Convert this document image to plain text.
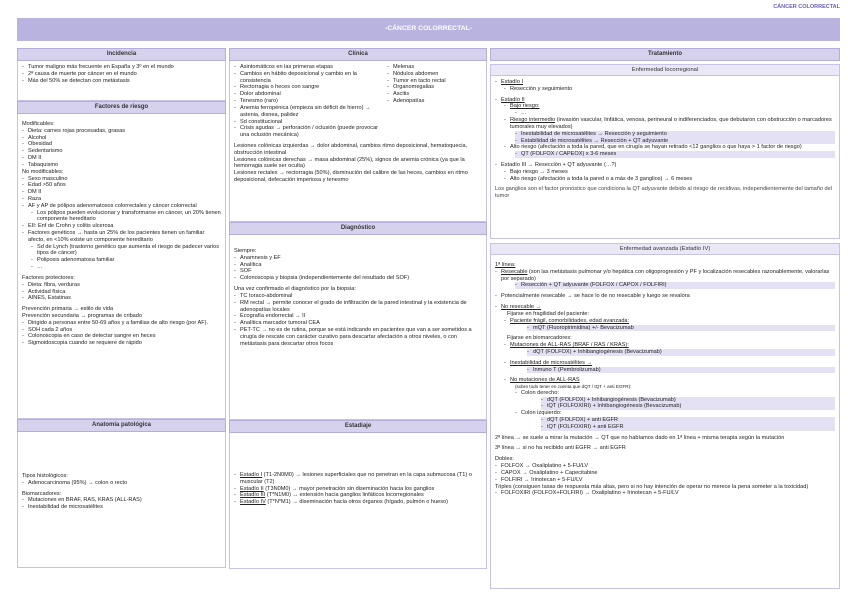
CÁNCER COLORRECTAL
-CÁNCER COLORRECTAL-
Incidencia
- Tumor maligno más frecuente en España y 3º en el mundo
- 2ª causa de muerte por cáncer en el mundo
- Más del 50% se detectan con metástasis
Factores de riesgo
Modificables:
- Dieta: carnes rojas procesadas, grasas
- Alcohol
- Obesidad
- Sedentarismo
- DM II
- Tabaquismo
No modificables:
- Sexo masculino
- Edad >50 años
- DM II
- Raza
- AF y AP de pólipos adenomatosos colorrectales y cáncer colorrectal
- Los pólipos pueden evolucionar y transformarse en cáncer, un 20% tienen componente hereditario
- EII: Enf de Crohn y colitis ulcerosa
- Factores genéticos → hasta un 25% de los pacientes tienen un familiar afecto, en <10% existe un componente hereditario
- Sd de Lynch (trastorno genético que aumenta el riesgo de padecer varios tipos de cáncer)
- Poliposis adenomatosa familiar
- …
Factores protectores:
- Dieta: fibra, verduras
- Actividad física
- AINES, Estatinas
Prevención primaria → estilo de vida
Prevención secundaria → programas de cribado
- Dirigido a personas entre 50-69 años y a familias de alto riesgo (por AF).
- SOH cada 2 años
- Colonoscopia en caso de detectar sangre en heces
- Sigmoidoscopia cuando se requiere de rápido
Anatomía patológica
Tipos histológicos:
- Adenocarcinoma (95%) → colon o recto
Biomarcadores:
- Mutaciones en BRAF, RAS, KRAS (ALL-RAS)
- Inestabilidad de microsatélites
Clínica
- Asintomáticos en las primeras etapas
- Cambios en hábito deposicional y cambio en la consistencia
- Rectorragia o heces con sangre
- Dolor abdominal
- Tenesmo (raro)
- Anemia ferropénica (empieza sin déficit de hierro) → astenia, disnea, palidez
- Sd constitucional
- Crisis agudas → perforación / oclusión (puede provocar una oclusión mecánica)
- Melenas
- Nódulos abdomen
- Tumor en tacto rectal
- Organomegalias
- Ascitis
- Adenopatías
Lesiones colónicas izquierdas → dolor abdominal, cambios ritmo deposicional, hematoquecia, obstrucción intestinal
Lesiones colónicas derechas → masa abdominal (25%), signos de anemia crónica (ya que la hemorragia suele ser oculta)
Lesiones rectales → rectorragia (50%), disminución del calibre de las heces, cambios en ritmo deposicional, defecación imperiosa y tenesmo
Diagnóstico
Siempre:
- Anamnesis y EF
- Analítica
- SOF
- Colonoscopia y biopsia (independientemente del resultado del SOF)
Una vez confirmado el diagnóstico por la biopsia:
- TC toraco-abdominal
- RM rectal → permite conocer el grado de infiltración de la pared intestinal y la existencia de adenopatías locales
- Ecografía endorrectal → II
- Analítica marcador tumoral CEA
- PET-TC → no es de rutina, porque se está indicando en pacientes que van a ser sometidos a cirugía de rescate con carácter curativo para descartar afectación a otros niveles, o con metástasis para descartar otros focos
Estadiaje
- Estadío I (T1-2N0M0) → lesiones superficiales que no penetran en la capa submucosa (T1) o muscular (T2)
- Estadío II (T3N0M0) → mayor penetración sin diseminación hacia los ganglios
- Estadío III (T*N1M0) → extensión hacia ganglios linfáticos locorregionales
- Estadío IV (T*N*M1) → diseminación hacia otros órganos (hígado, pulmón o hueso)
Tratamiento
Enfermedad locorregional
- Estadío I
- Resección y seguimiento
- Estadío II
- Bajo riesgo:
- …
- Riesgo intermedio (invasión vascular, linfática, venosa, perineural o indiferenciados, que debutaron con obstrucción o marcadores tumorales muy elevados)
- Inestabilidad de microsatélites → Resección y seguimiento
- Estabilidad de microsatélites → Resección + QT adyuvante
- Alto riesgo (afectación a toda la pared, que en cirugía se hayan retirado <12 ganglios o que haya > 1 factor de riesgo)
- QT (FOLFOX / CAPEOX) x 3-6 meses
- Estadío III → Resección + QT adyuvante (…?)
- Bajo riesgo → 3 meses
- Alto riesgo (afectación a toda la pared o a más de 3 ganglios) → 6 meses
Los ganglios son el factor pronóstico que condiciona la QT adyuvante debido al riesgo de recidivas, independientemente del tamaño del tumor
Enfermedad avanzada (Estadío IV)
1ª línea:
- Resecable (son las metástasis pulmonar y/o hepática con oligoprogresión y PF y localización resecables razonablemente, valorarlas por separado)
- Resección + QT adyuvante (FOLFOX / CAPOX / FOLFIRI)
- Potencialmente resecable → se hace lo de no resecable y luego se revalora
- No resecable →
Fijarse en fragilidad del paciente:
- Paciente frágil, comorbilidades, edad avanzada:
- mQT (Fluoropirimidina) +/- Bevacizumab
Fijarse en biomarcadores:
- Mutaciones de ALL-RAS (BRAF / RAS / KRAS):
- dQT (FOLFOX) + Inhibangiogénesis (Bevacizumab)
- Inestabilidad de microsatélites →
- Inmuno T (Pembrolizumab)
- No mutaciones de ALL-RAS
(sobre todo tener en cuenta que dQT / tQT + anti EGFR):
- Colon derecho:
- dQT (FOLFOX) + Inhibangiogénesis (Bevacizumab)
- tQT (FOLFOXIRI) + Inhibangiogénesis (Bevacizumab)
- Colon izquierdo:
- dQT (FOLFOX) + anti EGFR
- tQT (FOLFOXIRI) + anti EGFR
2ª línea → se suele a mirar la mutación → QT que no habíamos dado en 1ª línea + misma terapia según la mutación
3ª línea → si no ha recibido anti EGFR → anti EGFR
Dobles:
- FOLFOX → Oxaliplatino + 5-FU/LV
- CAPOX → Oxaliplatino + Capecitabine
- FOLFIRI → Irinotecan + 5-FU/LV
Triples (consiguen tasas de respuesta más altas, pero si no hay intención de operar no merece la pena someter a la toxicidad)
- FOLFOXIRI (FOLFOX+FOLFIRI) → Oxaliplatino + Irinotecan + 5-FU/LV
